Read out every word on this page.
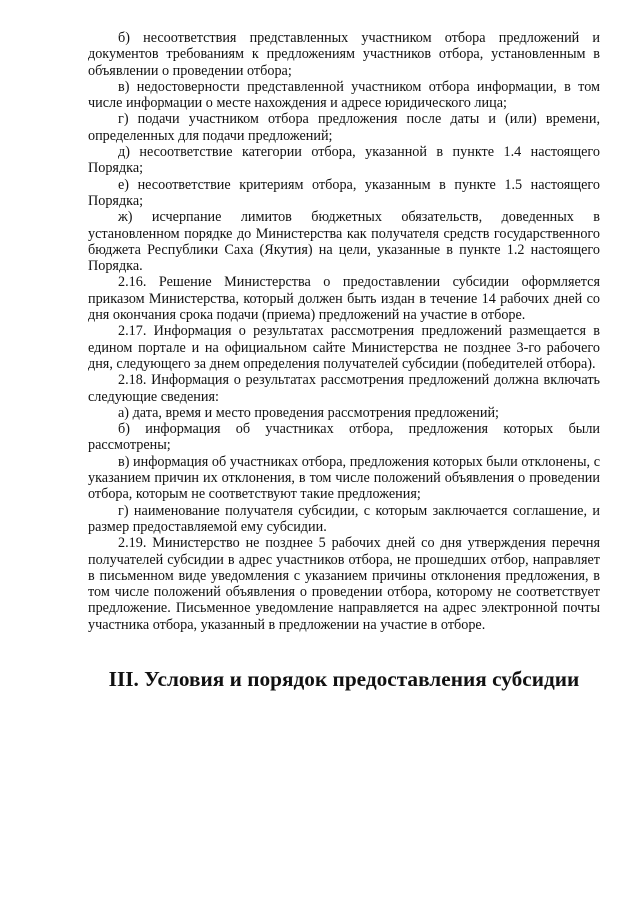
б) несоответствия представленных участником отбора предложений и документов требованиям к предложениям участников отбора, установленным в объявлении о проведении отбора;

в) недостоверности представленной участником отбора информации, в том числе информации о месте нахождения и адресе юридического лица;

г) подачи участником отбора предложения после даты и (или) времени, определенных для подачи предложений;

д) несоответствие категории отбора, указанной в пункте 1.4 настоящего Порядка;

е) несоответствие критериям отбора, указанным в пункте 1.5 настоящего Порядка;

ж) исчерпание лимитов бюджетных обязательств, доведенных в установленном порядке до Министерства как получателя средств государственного бюджета Республики Саха (Якутия) на цели, указанные в пункте 1.2 настоящего Порядка.

2.16. Решение Министерства о предоставлении субсидии оформляется приказом Министерства, который должен быть издан в течение 14 рабочих дней со дня окончания срока подачи (приема) предложений на участие в отборе.

2.17. Информация о результатах рассмотрения предложений размещается в едином портале и на официальном сайте Министерства не позднее 3-го рабочего дня, следующего за днем определения получателей субсидии (победителей отбора).

2.18. Информация о результатах рассмотрения предложений должна включать следующие сведения:

а) дата, время и место проведения рассмотрения предложений;

б) информация об участниках отбора, предложения которых были рассмотрены;

в) информация об участниках отбора, предложения которых были отклонены, с указанием причин их отклонения, в том числе положений объявления о проведении отбора, которым не соответствуют такие предложения;

г) наименование получателя субсидии, с которым заключается соглашение, и размер предоставляемой ему субсидии.

2.19. Министерство не позднее 5 рабочих дней со дня утверждения перечня получателей субсидии в адрес участников отбора, не прошедших отбор, направляет в письменном виде уведомления с указанием причины отклонения предложения, в том числе положений объявления о проведении отбора, которому не соответствует предложение. Письменное уведомление направляется на адрес электронной почты участника отбора, указанный в предложении на участие в отборе.

III. Условия и порядок предоставления субсидии
